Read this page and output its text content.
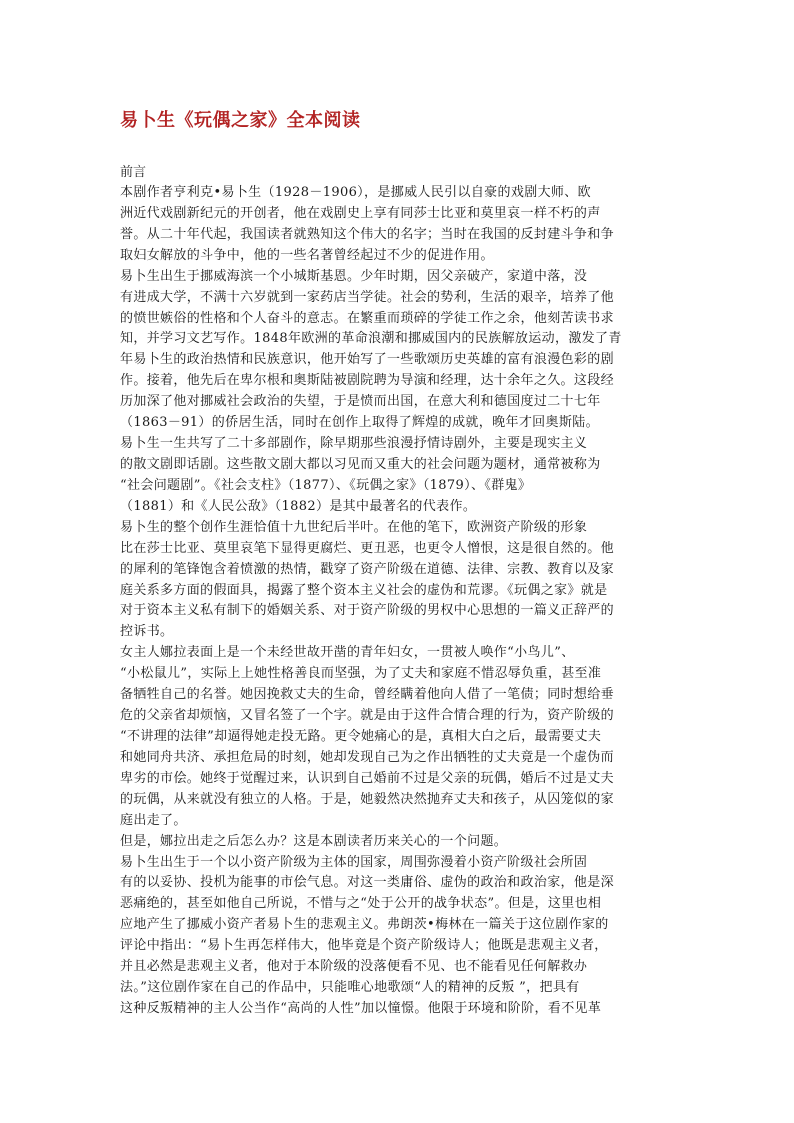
易卜生《玩偶之家》全本阅读
前言
本剧作者亨利克•易卜生（1928－1906），是挪威人民引以自豪的戏剧大师、欧
洲近代戏剧新纪元的开创者，他在戏剧史上享有同莎士比亚和莫里哀一样不朽的声
誉。从二十年代起，我国读者就熟知这个伟大的名字；当时在我国的反封建斗争和争
取妇女解放的斗争中，他的一些名著曾经起过不少的促进作用。
易卜生出生于挪威海滨一个小城斯基恩。少年时期，因父亲破产，家道中落，没
有进成大学，不满十六岁就到一家药店当学徒。社会的势利，生活的艰辛，培养了他
的愤世嫉俗的性格和个人奋斗的意志。在繁重而琐碎的学徒工作之余，他刻苦读书求
知，并学习文艺写作。1848年欧洲的革命浪潮和挪威国内的民族解放运动，激发了青
年易卜生的政治热情和民族意识，他开始写了一些歌颂历史英雄的富有浪漫色彩的剧
作。接着，他先后在卑尔根和奥斯陆被剧院聘为导演和经理，达十余年之久。这段经
历加深了他对挪威社会政治的失望，于是愤而出国，在意大利和德国度过二十七年
（1863－91）的侨居生活，同时在创作上取得了辉煌的成就，晚年才回奥斯陆。
易卜生一生共写了二十多部剧作，除早期那些浪漫抒情诗剧外，主要是现实主义
的散文剧即话剧。这些散文剧大都以习见而又重大的社会问题为题材，通常被称为
“社会问题剧”。《社会支柱》（1877）、《玩偶之家》（1879）、《群鬼》
（1881）和《人民公敌》（1882）是其中最著名的代表作。
易卜生的整个创作生涯恰值十九世纪后半叶。在他的笔下，欧洲资产阶级的形象
比在莎士比亚、莫里哀笔下显得更腐烂、更丑恶，也更令人憎恨，这是很自然的。他
的犀利的笔锋饱含着愤激的热情，戳穿了资产阶级在道德、法律、宗教、教育以及家
庭关系多方面的假面具，揭露了整个资本主义社会的虚伪和荒谬。《玩偶之家》就是
对于资本主义私有制下的婚姻关系、对于资产阶级的男权中心思想的一篇义正辞严的
控诉书。
女主人娜拉表面上是一个未经世故开凿的青年妇女，一贯被人唤作“小鸟儿”、
“小松鼠儿”，实际上上她性格善良而坚强，为了丈夫和家庭不惜忍辱负重，甚至准
备牺牲自己的名誉。她因挽救丈夫的生命，曾经瞒着他向人借了一笔债；同时想给垂
危的父亲省却烦恼，又冒名签了一个字。就是由于这件合情合理的行为，资产阶级的
“不讲理的法律”却逼得她走投无路。更令她痛心的是，真相大白之后，最需要丈夫
和她同舟共济、承担危局的时刻，她却发现自己为之作出牺牲的丈夫竟是一个虚伪而
卑劣的市侩。她终于觉醒过来，认识到自己婚前不过是父亲的玩偶，婚后不过是丈夫
的玩偶，从来就没有独立的人格。于是，她毅然决然抛弃丈夫和孩子，从囚笼似的家
庭出走了。
但是，娜拉出走之后怎么办？这是本剧读者历来关心的一个问题。
易卜生出生于一个以小资产阶级为主体的国家，周围弥漫着小资产阶级社会所固
有的以妥协、投机为能事的市侩气息。对这一类庸俗、虚伪的政治和政治家，他是深
恶痛绝的，甚至如他自己所说，不惜与之“处于公开的战争状态”。但是，这里也相
应地产生了挪威小资产者易卜生的悲观主义。弗朗茨•梅林在一篇关于这位剧作家的
评论中指出：“易卜生再怎样伟大，他毕竟是个资产阶级诗人；他既是悲观主义者，
并且必然是悲观主义者，他对于本阶级的没落便看不见、也不能看见任何解救办
法。”这位剧作家在自己的作品中，只能唯心地歌颂“人的精神的反叛 ”，把具有
这种反叛精神的主人公当作“高尚的人性”加以憧憬。他限于环境和阶阶，看不见革
